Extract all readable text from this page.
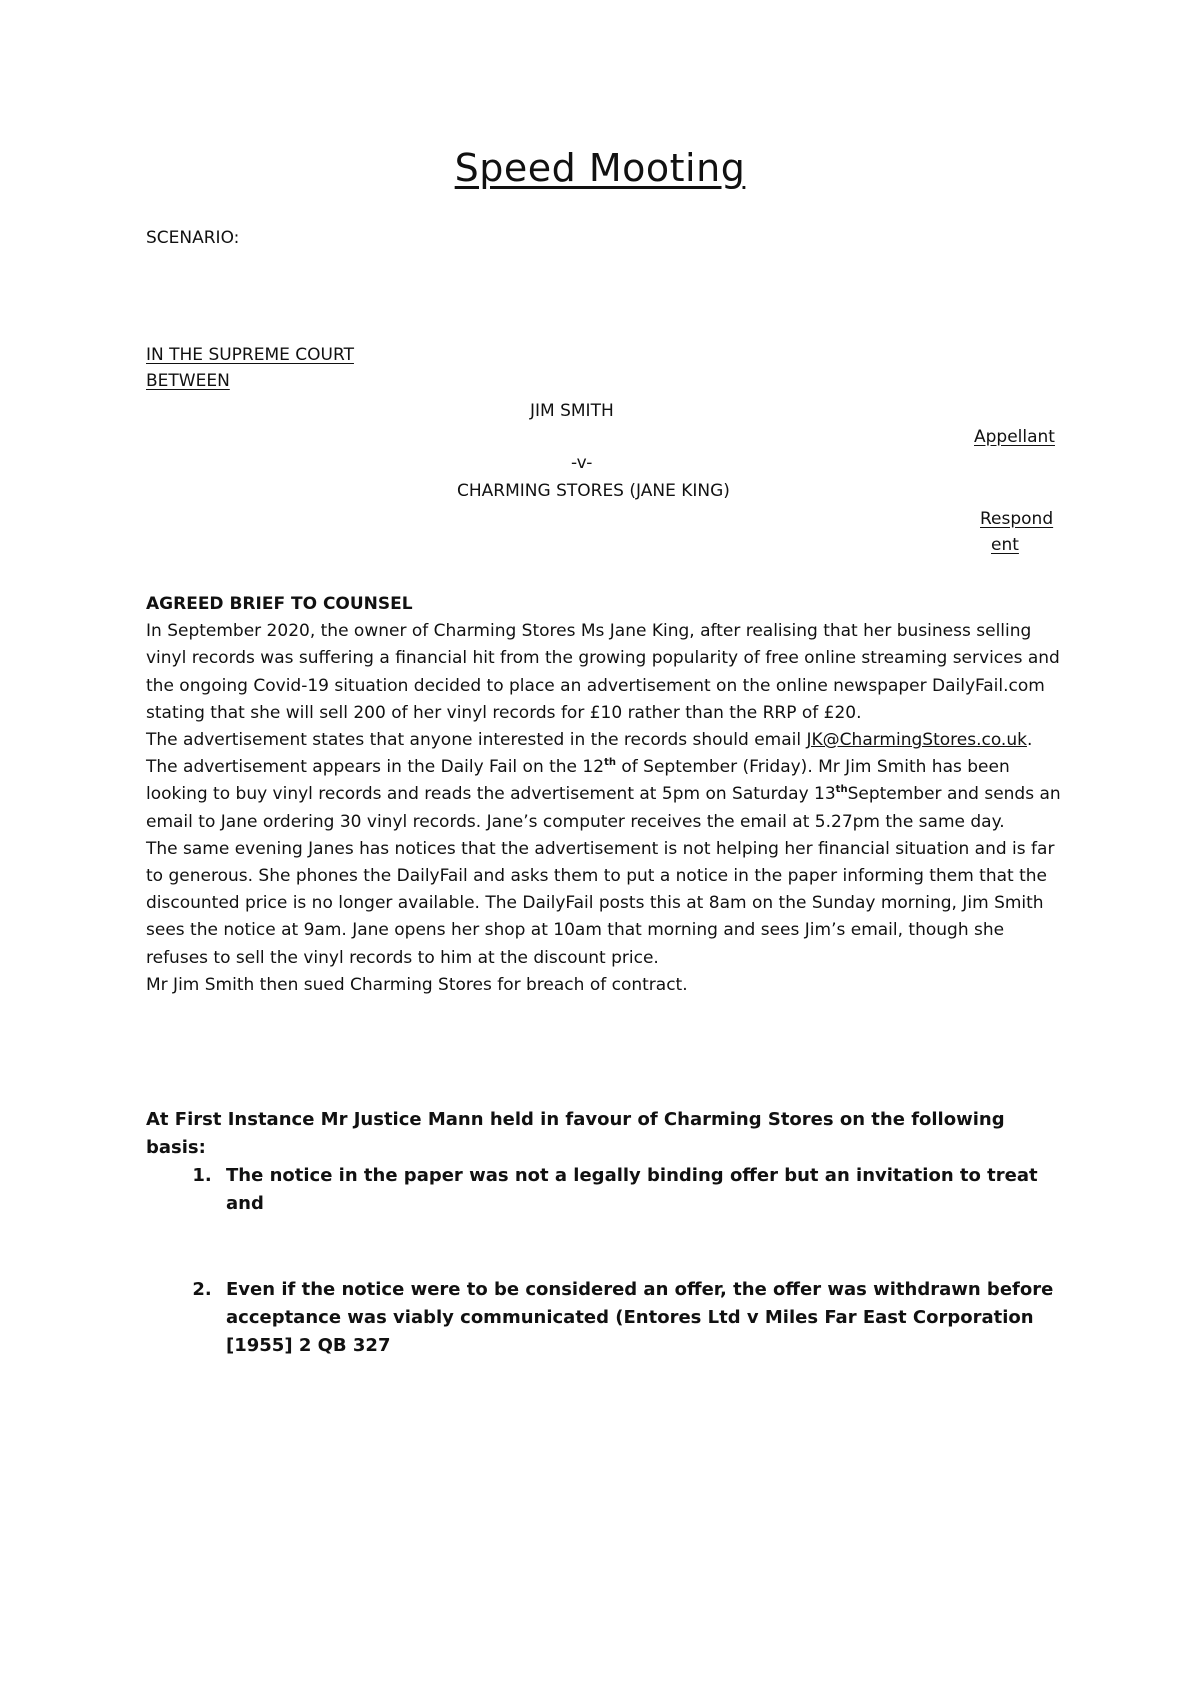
Speed Mooting
SCENARIO:
IN THE SUPREME COURT
BETWEEN
JIM SMITH
Appellant
-v-
CHARMING STORES (JANE KING)
Respond
ent

AGREED BRIEF TO COUNSEL

In September 2020, the owner of Charming Stores Ms Jane King, after realising that her business selling vinyl records was suffering a financial hit from the growing popularity of free online streaming services and the ongoing Covid-19 situation decided to place an advertisement on the online newspaper DailyFail.com stating that she will sell 200 of her vinyl records for £10 rather than the RRP of £20.

The advertisement states that anyone interested in the records should email JK@CharmingStores.co.uk.

The advertisement appears in the Daily Fail on the 12th of September (Friday). Mr Jim Smith has been looking to buy vinyl records and reads the advertisement at 5pm on Saturday 13thSeptember and sends an email to Jane ordering 30 vinyl records. Jane’s computer receives the email at 5.27pm the same day.

The same evening Janes has notices that the advertisement is not helping her financial situation and is far to generous. She phones the DailyFail and asks them to put a notice in the paper informing them that the discounted price is no longer available. The DailyFail posts this at 8am on the Sunday morning, Jim Smith sees the notice at 9am. Jane opens her shop at 10am that morning and sees Jim’s email, though she refuses to sell the vinyl records to him at the discount price.

Mr Jim Smith then sued Charming Stores for breach of contract.

At First Instance Mr Justice Mann held in favour of Charming Stores on the following basis:
1. The notice in the paper was not a legally binding offer but an invitation to treat and
2. Even if the notice were to be considered an offer, the offer was withdrawn before acceptance was viably communicated (Entores Ltd v Miles Far East Corporation [1955] 2 QB 327
